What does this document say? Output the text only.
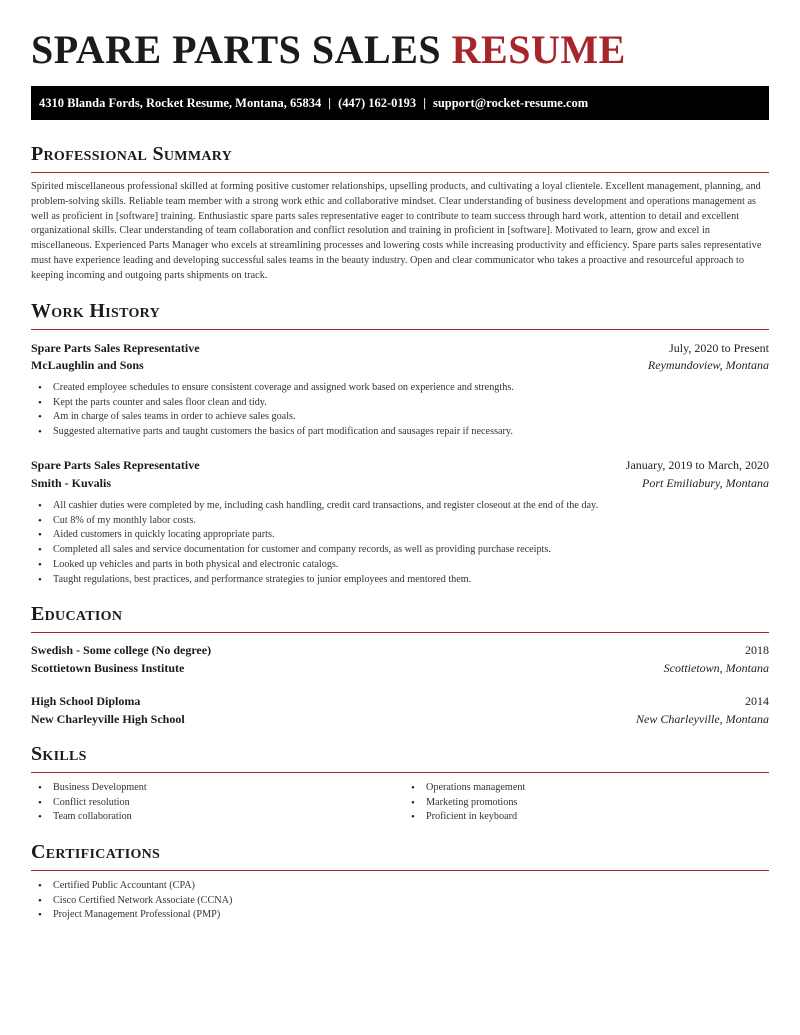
SPARE PARTS SALES RESUME
4310 Blanda Fords, Rocket Resume, Montana, 65834 | (447) 162-0193 | support@rocket-resume.com
Professional Summary

Spirited miscellaneous professional skilled at forming positive customer relationships, upselling products, and cultivating a loyal clientele. Excellent management, planning, and problem-solving skills. Reliable team member with a strong work ethic and collaborative mindset. Clear understanding of business development and operations management as well as proficient in [software] training. Enthusiastic spare parts sales representative eager to contribute to team success through hard work, attention to detail and excellent organizational skills. Clear understanding of team collaboration and conflict resolution and training in proficient in [software]. Motivated to learn, grow and excel in miscellaneous. Experienced Parts Manager who excels at streamlining processes and lowering costs while increasing productivity and efficiency. Spare parts sales representative must have experience leading and developing successful sales teams in the beauty industry. Open and clear communicator who takes a proactive and resourceful approach to keeping incoming and outgoing parts shipments on track.

Work History
Spare Parts Sales Representative	July, 2020 to Present
McLaughlin and Sons	Reymundoview, Montana
• Created employee schedules to ensure consistent coverage and assigned work based on experience and strengths.
• Kept the parts counter and sales floor clean and tidy.
• Am in charge of sales teams in order to achieve sales goals.
• Suggested alternative parts and taught customers the basics of part modification and sausages repair if necessary.
Spare Parts Sales Representative	January, 2019 to March, 2020
Smith - Kuvalis	Port Emiliabury, Montana
• All cashier duties were completed by me, including cash handling, credit card transactions, and register closeout at the end of the day.
• Cut 8% of my monthly labor costs.
• Aided customers in quickly locating appropriate parts.
• Completed all sales and service documentation for customer and company records, as well as providing purchase receipts.
• Looked up vehicles and parts in both physical and electronic catalogs.
• Taught regulations, best practices, and performance strategies to junior employees and mentored them.
Education
Swedish - Some college (No degree)	2018
Scottietown Business Institute	Scottietown, Montana
High School Diploma	2014
New Charleyville High School	New Charleyville, Montana
Skills
• Business Development
• Conflict resolution
• Team collaboration
• Operations management
• Marketing promotions
• Proficient in keyboard
Certifications
• Certified Public Accountant (CPA)
• Cisco Certified Network Associate (CCNA)
• Project Management Professional (PMP)
